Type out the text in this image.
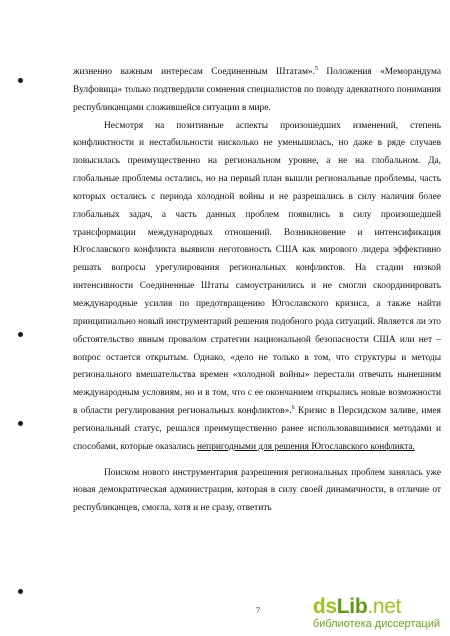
жизненно важным интересам Соединенным Штатам».$^5$ Положения «Меморандума Вулфовица» только подтвердили сомнения специалистов по поводу адекватного понимания республиканцами сложившейся ситуации в мире.

Несмотря на позитивные аспекты произошедших изменений, степень конфликтности и нестабильности нисколько не уменьшилась, но даже в ряде случаев повысилась преимущественно на региональном уровне, а не на глобальном. Да, глобальные проблемы остались, но на первый план вышли региональные проблемы, часть которых остались с периода холодной войны и не разрешались в силу наличия более глобальных задач, а часть данных проблем появились в силу произошедшей трансформации международных отношений. Возникновение и интенсификация Югославского конфликта выявили неготовность США как мирового лидера эффективно решать вопросы урегулирования региональных конфликтов. На стадии низкой интенсивности Соединенные Штаты самоустранились и не смогли скоординировать международные усилия по предотвращению Югославского кризиса, а также найти принципиально новый инструментарий решения подобного рода ситуаций. Является ли это обстоятельство явным провалом стратегии национальной безопасности США или нет – вопрос остается открытым. Однако, «дело не только в том, что структуры и методы регионального вмешательства времен «холодной войны» перестали отвечать нынешним международным условиям, но и в том, что с ее окончанием открылись новые возможности в области регулирования региональных конфликтов».$^6$ Кризис в Персидском заливе, имея региональный статус, решался преимущественно ранее использовавшимися методами и способами, которые оказались непригодными для решения Югославского конфликта.

Поиском нового инструментария разрешения региональных проблем занялась уже новая демократическая администрация, которая в силу своей динамичности, в отличие от республиканцев, смогла, хотя и не сразу, ответить

7	dsLib.net
библиотека диссертаций
